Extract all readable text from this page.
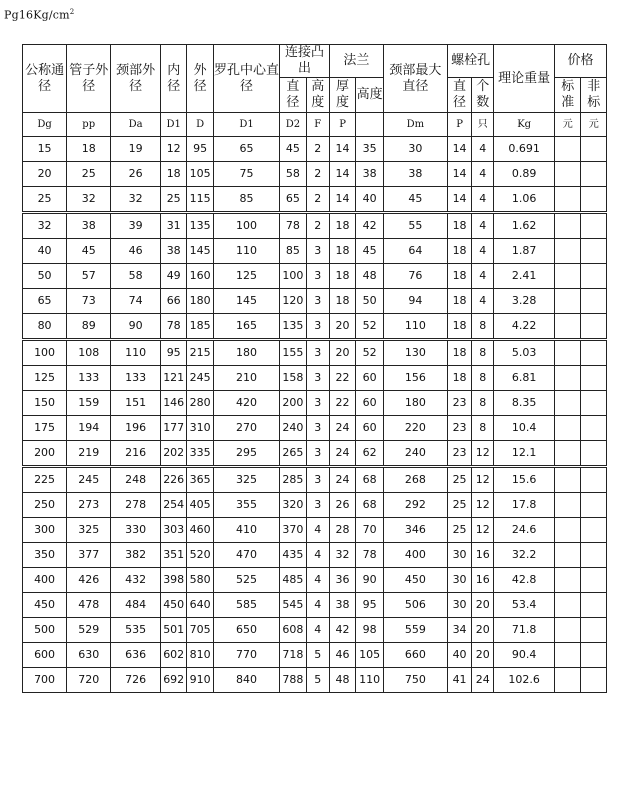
$Pg16Kg/cm^2$
公称通径	管子外径	颈部外径	内径	外径	罗孔中心直径	连接凸出		法兰		颈部最大直径	螺栓孔		理论重量	价格	
						直径	高度	厚度	高度		直径	个数		标准	非标
Dg	pp	Da	D1	D	D1	D2	F	P		Dm	P	只	Kg	元	元
15	18	19	12	95	65	45	2	14	35	30	14	4	0.691		
20	25	26	18	105	75	58	2	14	38	38	14	4	0.89		
25	32	32	25	115	85	65	2	14	40	45	14	4	1.06		
32	38	39	31	135	100	78	2	18	42	55	18	4	1.62		
40	45	46	38	145	110	85	3	18	45	64	18	4	1.87		
50	57	58	49	160	125	100	3	18	48	76	18	4	2.41		
65	73	74	66	180	145	120	3	18	50	94	18	4	3.28		
80	89	90	78	185	165	135	3	20	52	110	18	8	4.22		
100	108	110	95	215	180	155	3	20	52	130	18	8	5.03		
125	133	133	121	245	210	158	3	22	60	156	18	8	6.81		
150	159	151	146	280	420	200	3	22	60	180	23	8	8.35		
175	194	196	177	310	270	240	3	24	60	220	23	8	10.4		
200	219	216	202	335	295	265	3	24	62	240	23	12	12.1		
225	245	248	226	365	325	285	3	24	68	268	25	12	15.6		
250	273	278	254	405	355	320	3	26	68	292	25	12	17.8		
300	325	330	303	460	410	370	4	28	70	346	25	12	24.6		
350	377	382	351	520	470	435	4	32	78	400	30	16	32.2		
400	426	432	398	580	525	485	4	36	90	450	30	16	42.8		
450	478	484	450	640	585	545	4	38	95	506	30	20	53.4		
500	529	535	501	705	650	608	4	42	98	559	34	20	71.8		
600	630	636	602	810	770	718	5	46	105	660	40	20	90.4		
700	720	726	692	910	840	788	5	48	110	750	41	24	102.6		
